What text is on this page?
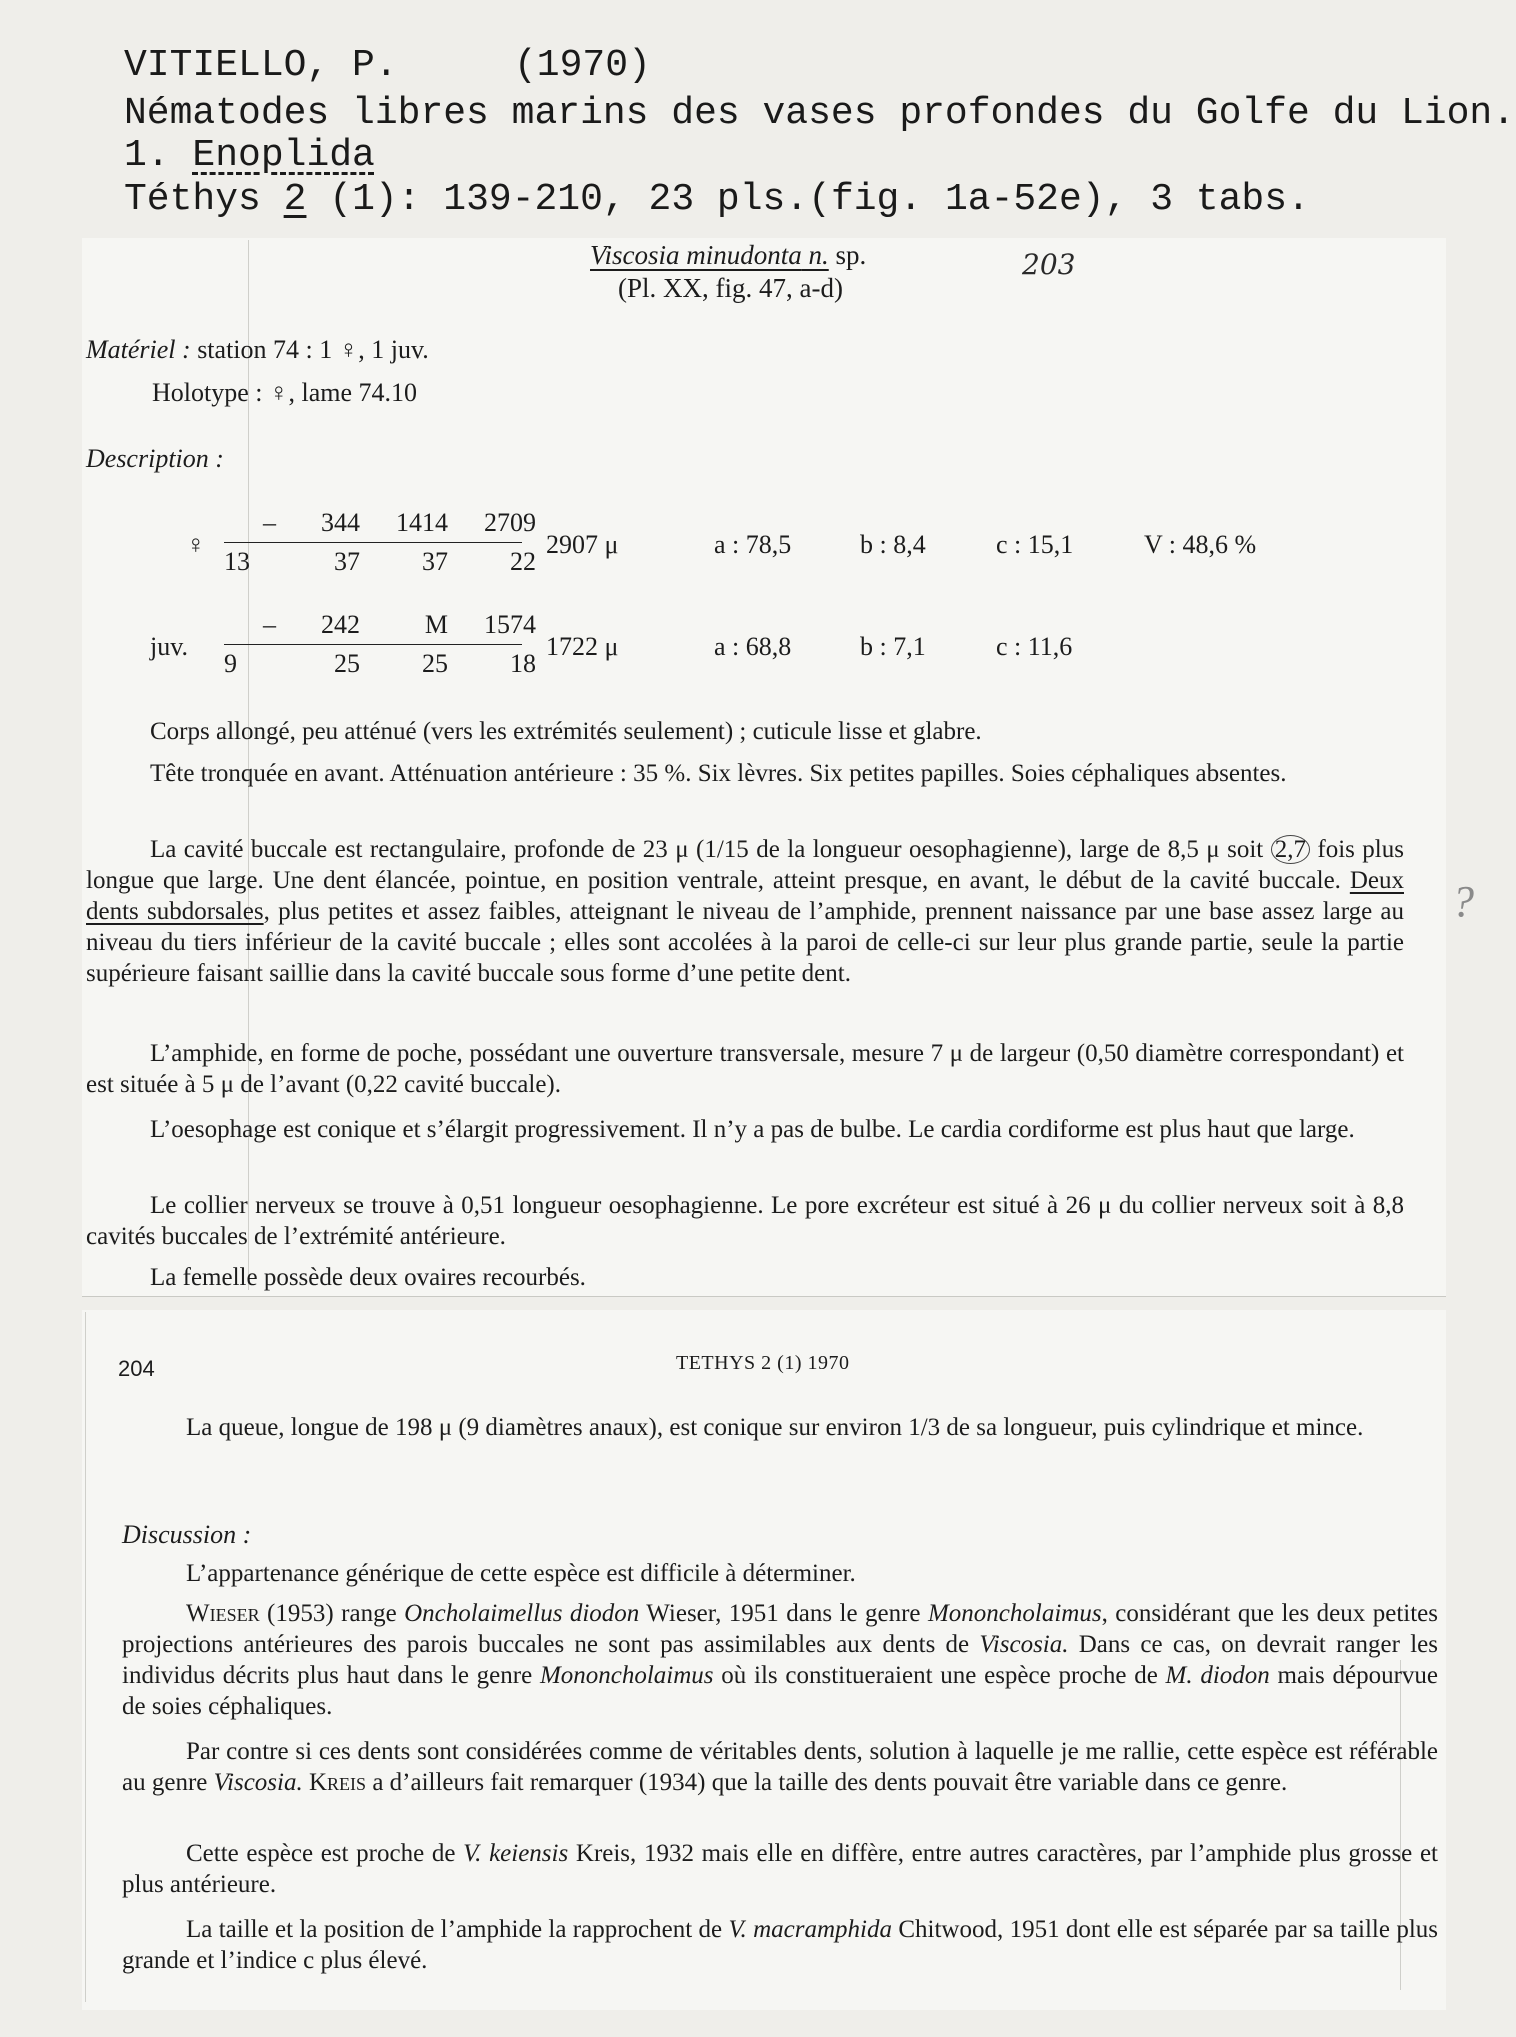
VITIELLO, P.	(1970)
Nématodes libres marins des vases profondes du Golfe du Lion.
1. Enoplida
Téthys 2 (1): 139-210, 23 pls.(fig. 1a-52e), 3 tabs.
Viscosia minudonta n. sp.
(Pl. XX, fig. 47, a-d)
203
Matériel : station 74 : 1 ♀, 1 juv.
Holotype : ♀, lame 74.10
Description :
♀
–	344	1414	2709
13	37	37	22
2907 μ	a : 78,5	b : 8,4	c : 15,1	V : 48,6 %
juv.
–	242	M	1574
9	25	25	18
1722 μ	a : 68,8	b : 7,1	c : 11,6

Corps allongé, peu atténué (vers les extrémités seulement) ; cuticule lisse et glabre.

Tête tronquée en avant. Atténuation antérieure : 35 %. Six lèvres. Six petites papilles. Soies céphaliques absentes.

La cavité buccale est rectangulaire, profonde de 23 μ (1/15 de la longueur oesophagienne), large de 8,5 μ soit 2,7 fois plus longue que large. Une dent élancée, pointue, en position ventrale, atteint presque, en avant, le début de la cavité buccale. Deux dents subdorsales, plus petites et assez faibles, atteignant le niveau de l’amphide, prennent naissance par une base assez large au niveau du tiers inférieur de la cavité buccale ; elles sont accolées à la paroi de celle-ci sur leur plus grande partie, seule la partie supérieure faisant saillie dans la cavité buccale sous forme d’une petite dent.

L’amphide, en forme de poche, possédant une ouverture transversale, mesure 7 μ de largeur (0,50 diamètre correspondant) et est située à 5 μ de l’avant (0,22 cavité buccale).

L’oesophage est conique et s’élargit progressivement. Il n’y a pas de bulbe. Le cardia cordiforme est plus haut que large.

Le collier nerveux se trouve à 0,51 longueur oesophagienne. Le pore excréteur est situé à 26 μ du collier nerveux soit à 8,8 cavités buccales de l’extrémité antérieure.

La femelle possède deux ovaires recourbés.

?
204	TETHYS 2 (1) 1970

La queue, longue de 198 μ (9 diamètres anaux), est conique sur environ 1/3 de sa longueur, puis cylindrique et mince.

Discussion :

L’appartenance générique de cette espèce est difficile à déterminer.

Wieser (1953) range Oncholaimellus diodon Wieser, 1951 dans le genre Mononcholaimus, considérant que les deux petites projections antérieures des parois buccales ne sont pas assimilables aux dents de Viscosia. Dans ce cas, on devrait ranger les individus décrits plus haut dans le genre Mononcholaimus où ils constitueraient une espèce proche de M. diodon mais dépourvue de soies céphaliques.

Par contre si ces dents sont considérées comme de véritables dents, solution à laquelle je me rallie, cette espèce est référable au genre Viscosia. Kreis a d’ailleurs fait remarquer (1934) que la taille des dents pouvait être variable dans ce genre.

Cette espèce est proche de V. keiensis Kreis, 1932 mais elle en diffère, entre autres caractères, par l’amphide plus grosse et plus antérieure.

La taille et la position de l’amphide la rapprochent de V. macramphida Chitwood, 1951 dont elle est séparée par sa taille plus grande et l’indice c plus élevé.
